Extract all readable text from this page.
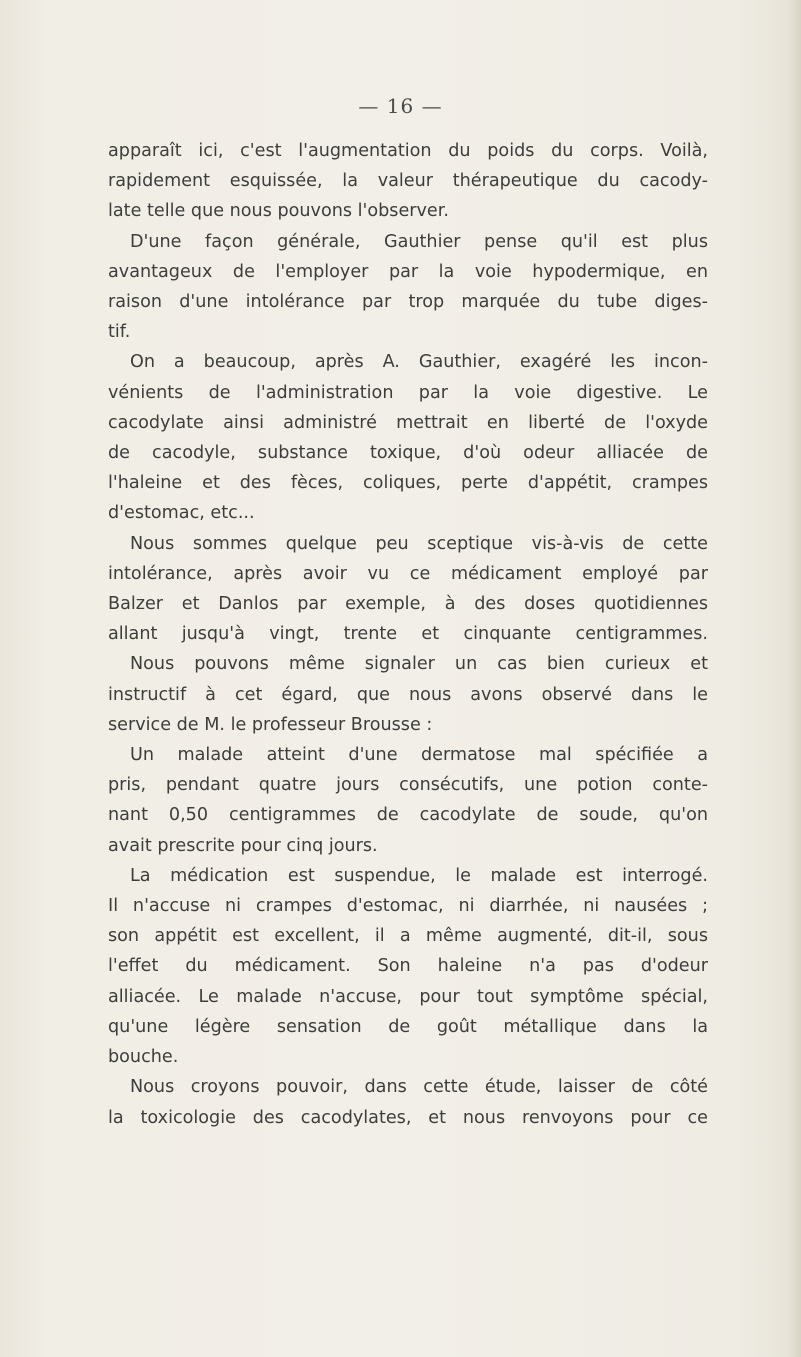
— 16 —

apparaît ici, c'est l'augmentation du poids du corps. Voilà,

rapidement esquissée, la valeur thérapeutique du cacody-

late telle que nous pouvons l'observer.

D'une façon générale, Gauthier pense qu'il est plus

avantageux de l'employer par la voie hypodermique, en

raison d'une intolérance par trop marquée du tube diges-

tif.

On a beaucoup, après A. Gauthier, exagéré les incon-

vénients de l'administration par la voie digestive. Le

cacodylate ainsi administré mettrait en liberté de l'oxyde

de cacodyle, substance toxique, d'où odeur alliacée de

l'haleine et des fèces, coliques, perte d'appétit, crampes

d'estomac, etc...

Nous sommes quelque peu sceptique vis-à-vis de cette

intolérance, après avoir vu ce médicament employé par

Balzer et Danlos par exemple, à des doses quotidiennes

allant jusqu'à vingt, trente et cinquante centigrammes.

Nous pouvons même signaler un cas bien curieux et

instructif à cet égard, que nous avons observé dans le

service de M. le professeur Brousse :

Un malade atteint d'une dermatose mal spécifiée a

pris, pendant quatre jours consécutifs, une potion conte-

nant 0,50 centigrammes de cacodylate de soude, qu'on

avait prescrite pour cinq jours.

La médication est suspendue, le malade est interrogé.

Il n'accuse ni crampes d'estomac, ni diarrhée, ni nausées ;

son appétit est excellent, il a même augmenté, dit-il, sous

l'effet du médicament. Son haleine n'a pas d'odeur

alliacée. Le malade n'accuse, pour tout symptôme spécial,

qu'une légère sensation de goût métallique dans la

bouche.

Nous croyons pouvoir, dans cette étude, laisser de côté

la toxicologie des cacodylates, et nous renvoyons pour ce
